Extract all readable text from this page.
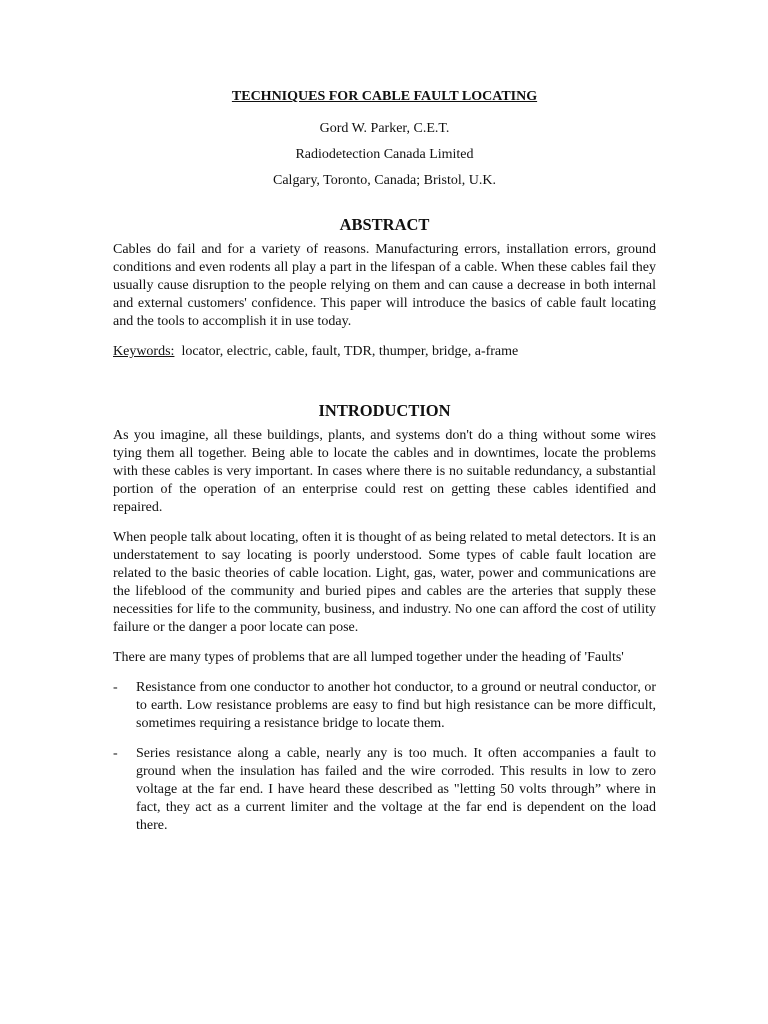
TECHNIQUES FOR CABLE FAULT LOCATING
Gord W. Parker, C.E.T.
Radiodetection Canada Limited
Calgary, Toronto, Canada; Bristol, U.K.
ABSTRACT

Cables do fail and for a variety of reasons. Manufacturing errors, installation errors, ground conditions and even rodents all play a part in the lifespan of a cable. When these cables fail they usually cause disruption to the people relying on them and can cause a decrease in both internal and external customers' confidence. This paper will introduce the basics of cable fault locating and the tools to accomplish it in use today.

Keywords: locator, electric, cable, fault, TDR, thumper, bridge, a-frame

INTRODUCTION

As you imagine, all these buildings, plants, and systems don't do a thing without some wires tying them all together. Being able to locate the cables and in downtimes, locate the problems with these cables is very important. In cases where there is no suitable redundancy, a substantial portion of the operation of an enterprise could rest on getting these cables identified and repaired.

When people talk about locating, often it is thought of as being related to metal detectors. It is an understatement to say locating is poorly understood. Some types of cable fault location are related to the basic theories of cable location. Light, gas, water, power and communications are the lifeblood of the community and buried pipes and cables are the arteries that supply these necessities for life to the community, business, and industry. No one can afford the cost of utility failure or the danger a poor locate can pose.

There are many types of problems that are all lumped together under the heading of 'Faults'

- Resistance from one conductor to another hot conductor, to a ground or neutral conductor, or to earth. Low resistance problems are easy to find but high resistance can be more difficult, sometimes requiring a resistance bridge to locate them.
- Series resistance along a cable, nearly any is too much. It often accompanies a fault to ground when the insulation has failed and the wire corroded. This results in low to zero voltage at the far end. I have heard these described as "letting 50 volts through” where in fact, they act as a current limiter and the voltage at the far end is dependent on the load there.
